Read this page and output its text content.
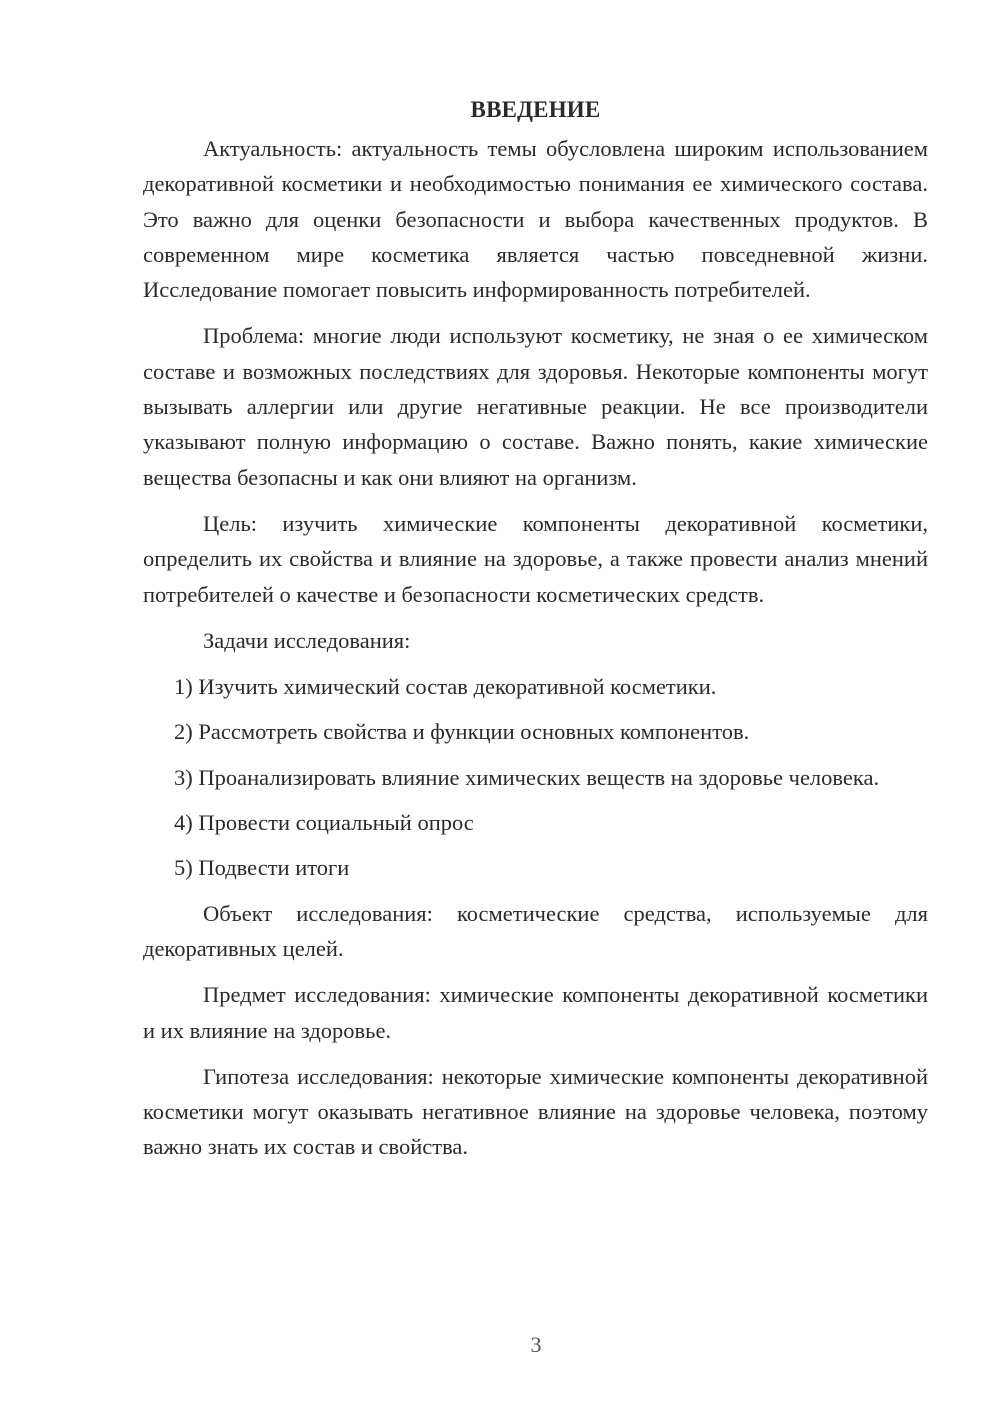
ВВЕДЕНИЕ

Актуальность: актуальность темы обусловлена широким использованием декоративной косметики и необходимостью понимания ее химического состава. Это важно для оценки безопасности и выбора качественных продуктов. В современном мире косметика является частью повседневной жизни. Исследование помогает повысить информированность потребителей.

Проблема: многие люди используют косметику, не зная о ее химическом составе и возможных последствиях для здоровья. Некоторые компоненты могут вызывать аллергии или другие негативные реакции. Не все производители указывают полную информацию о составе. Важно понять, какие химические вещества безопасны и как они влияют на организм.

Цель: изучить химические компоненты декоративной косметики, определить их свойства и влияние на здоровье, а также провести анализ мнений потребителей о качестве и безопасности косметических средств.

Задачи исследования:

1) Изучить химический состав декоративной косметики.

2) Рассмотреть свойства и функции основных компонентов.

3) Проанализировать влияние химических веществ на здоровье человека.

4) Провести социальный опрос

5) Подвести итоги

Объект исследования: косметические средства, используемые для декоративных целей.

Предмет исследования: химические компоненты декоративной косметики и их влияние на здоровье.

Гипотеза исследования: некоторые химические компоненты декоративной косметики могут оказывать негативное влияние на здоровье человека, поэтому важно знать их состав и свойства.

3
